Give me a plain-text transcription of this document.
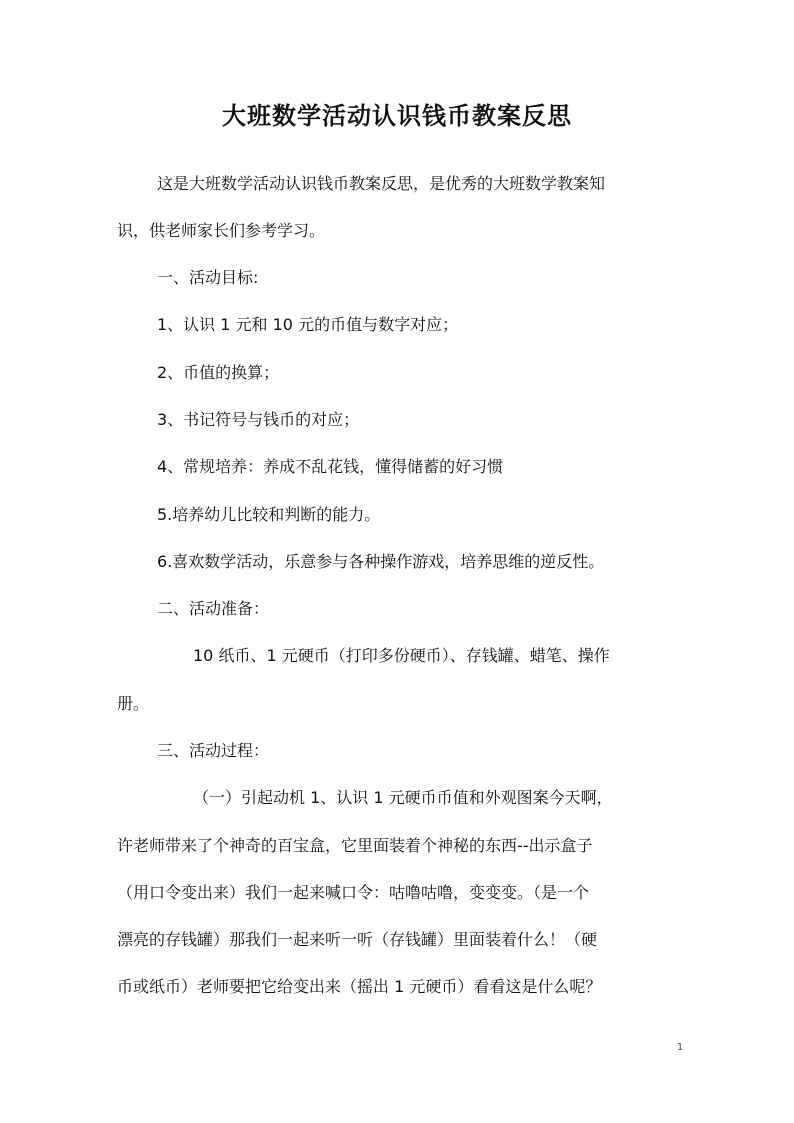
大班数学活动认识钱币教案反思
这是大班数学活动认识钱币教案反思，是优秀的大班数学教案知
识，供老师家长们参考学习。
一、活动目标:
1、认识 1 元和 10 元的币值与数字对应；
2、币值的换算；
3、书记符号与钱币的对应；
4、常规培养：养成不乱花钱，懂得储蓄的好习惯
5.培养幼儿比较和判断的能力。
6.喜欢数学活动，乐意参与各种操作游戏，培养思维的逆反性。
二、活动准备：
10 纸币、1 元硬币（打印多份硬币）、存钱罐、蜡笔、操作
册。
三、活动过程：
（一）引起动机 1、认识 1 元硬币币值和外观图案今天啊，
许老师带来了个神奇的百宝盒，它里面装着个神秘的东西--出示盒子
（用口令变出来）我们一起来喊口令：咕噜咕噜，变变变。（是一个
漂亮的存钱罐）那我们一起来听一听（存钱罐）里面装着什么！（硬
币或纸币）老师要把它给变出来（摇出 1 元硬币）看看这是什么呢？
1
